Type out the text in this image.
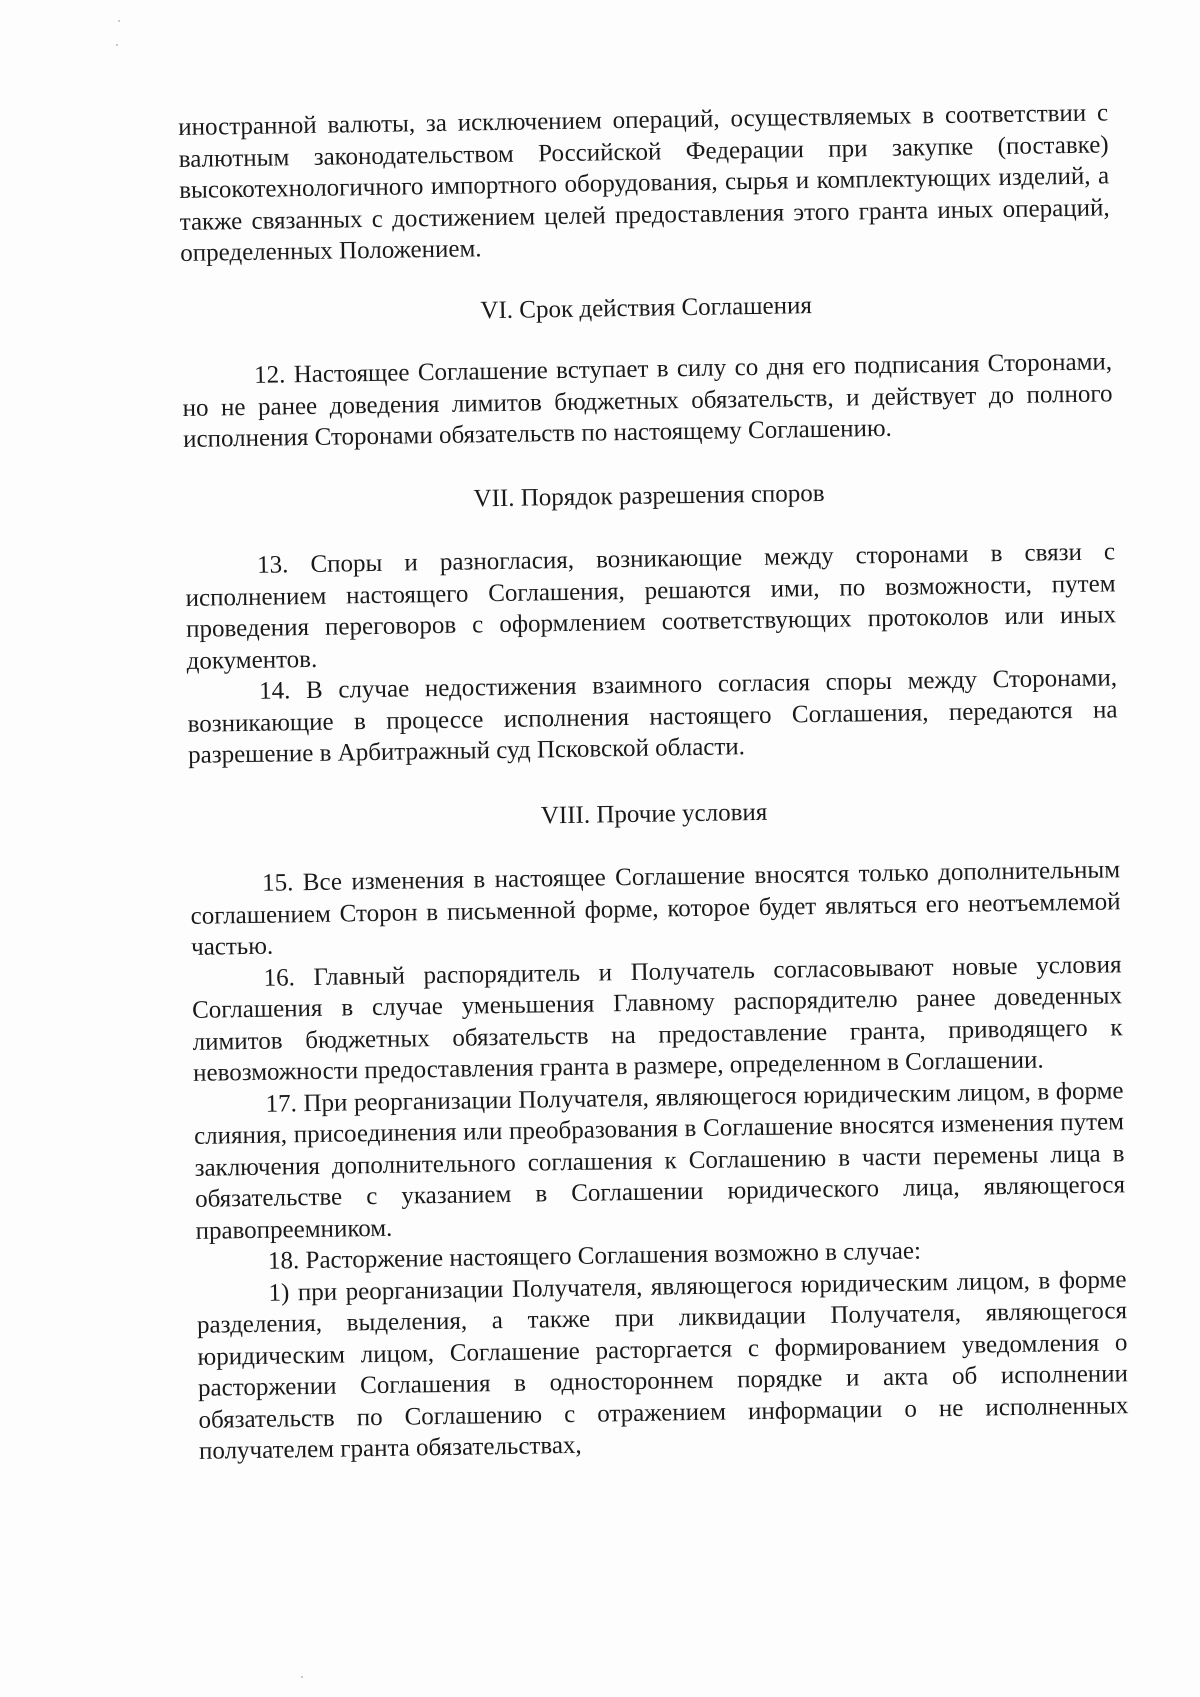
иностранной валюты, за исключением операций, осуществляемых в соответствии с валютным законодательством Российской Федерации при закупке (поставке) высокотехнологичного импортного оборудования, сырья и комплектующих изделий, а также связанных с достижением целей предоставления этого гранта иных операций, определенных Положением.

VI. Срок действия Соглашения

12. Настоящее Соглашение вступает в силу со дня его подписания Сторонами, но не ранее доведения лимитов бюджетных обязательств, и действует до полного исполнения Сторонами обязательств по настоящему Соглашению.

VII. Порядок разрешения споров

13. Споры и разногласия, возникающие между сторонами в связи с исполнением настоящего Соглашения, решаются ими, по возможности, путем проведения переговоров с оформлением соответствующих протоколов или иных документов.

14. В случае недостижения взаимного согласия споры между Сторонами, возникающие в процессе исполнения настоящего Соглашения, передаются на разрешение в Арбитражный суд Псковской области.

VIII. Прочие условия

15. Все изменения в настоящее Соглашение вносятся только дополнительным соглашением Сторон в письменной форме, которое будет являться его неотъемлемой частью.

16. Главный распорядитель и Получатель согласовывают новые условия Соглашения в случае уменьшения Главному распорядителю ранее доведенных лимитов бюджетных обязательств на предоставление гранта, приводящего к невозможности предоставления гранта в размере, определенном в Соглашении.

17. При реорганизации Получателя, являющегося юридическим лицом, в форме слияния, присоединения или преобразования в Соглашение вносятся изменения путем заключения дополнительного соглашения к Соглашению в части перемены лица в обязательстве с указанием в Соглашении юридического лица, являющегося правопреемником.

18. Расторжение настоящего Соглашения возможно в случае:

1) при реорганизации Получателя, являющегося юридическим лицом, в форме разделения, выделения, а также при ликвидации Получателя, являющегося юридическим лицом, Соглашение расторгается с формированием уведомления о расторжении Соглашения в одностороннем порядке и акта об исполнении обязательств по Соглашению с отражением информации о не исполненных получателем гранта обязательствах,
